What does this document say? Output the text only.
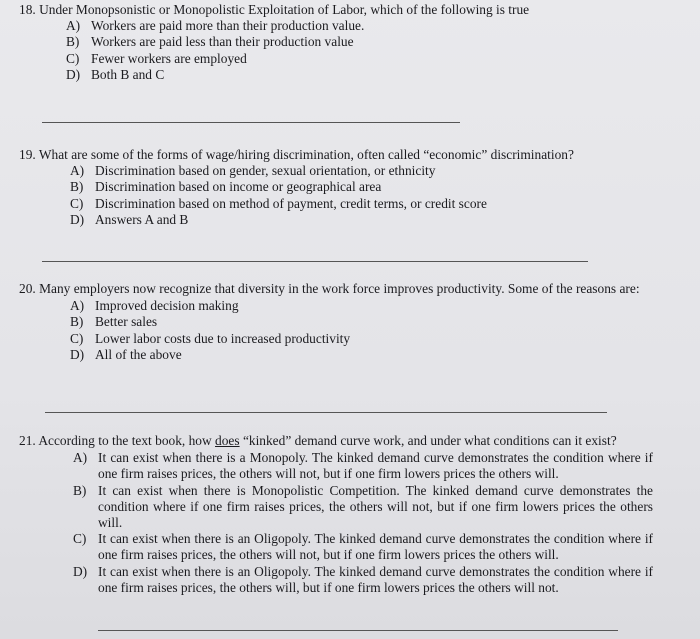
18. Under Monopsonistic or Monopolistic Exploitation of Labor, which of the following is true
A) Workers are paid more than their production value.
B) Workers are paid less than their production value
C) Fewer workers are employed
D) Both B and C
19. What are some of the forms of wage/hiring discrimination, often called “economic” discrimination?
A) Discrimination based on gender, sexual orientation, or ethnicity
B) Discrimination based on income or geographical area
C) Discrimination based on method of payment, credit terms, or credit score
D) Answers A and B
20. Many employers now recognize that diversity in the work force improves productivity. Some of the reasons are:
A) Improved decision making
B) Better sales
C) Lower labor costs due to increased productivity
D) All of the above
21. According to the text book, how does “kinked” demand curve work, and under what conditions can it exist?
A) It can exist when there is a Monopoly. The kinked demand curve demonstrates the condition where if one firm raises prices, the others will not, but if one firm lowers prices the others will.
B) It can exist when there is Monopolistic Competition. The kinked demand curve demonstrates the condition where if one firm raises prices, the others will not, but if one firm lowers prices the others will.
C) It can exist when there is an Oligopoly. The kinked demand curve demonstrates the condition where if one firm raises prices, the others will not, but if one firm lowers prices the others will.
D) It can exist when there is an Oligopoly. The kinked demand curve demonstrates the condition where if one firm raises prices, the others will, but if one firm lowers prices the others will not.
